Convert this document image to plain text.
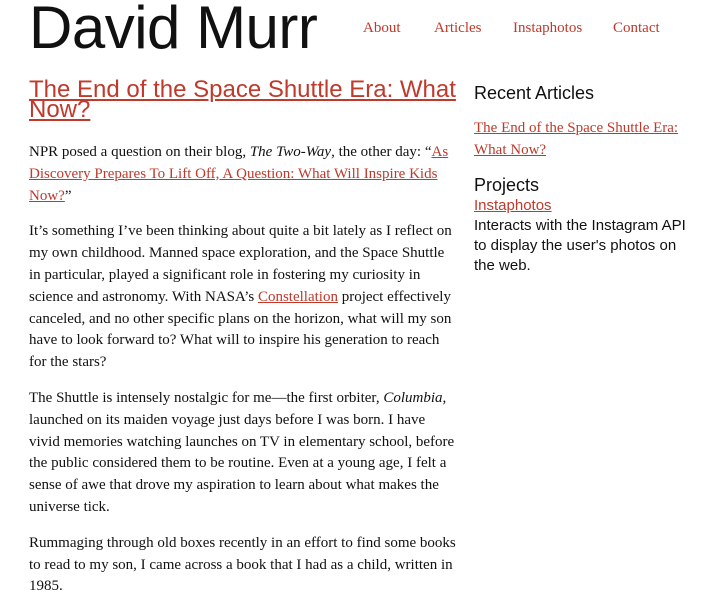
David Murr	About Articles Instaphotos Contact
The End of the Space Shuttle Era: What Now?

NPR posed a question on their blog, The Two-Way, the other day: “As Discovery Prepares To Lift Off, A Question: What Will Inspire Kids Now?”

It’s something I’ve been thinking about quite a bit lately as I reflect on my own childhood. Manned space exploration, and the Space Shuttle in particular, played a significant role in fostering my curiosity in science and astronomy. With NASA’s Constellation project effectively canceled, and no other specific plans on the horizon, what will my son have to look forward to? What will to inspire his generation to reach for the stars?

The Shuttle is intensely nostalgic for me—the first orbiter, Columbia, launched on its maiden voyage just days before I was born. I have vivid memories watching launches on TV in elementary school, before the public considered them to be routine. Even at a young age, I felt a sense of awe that drove my aspiration to learn about what makes the universe tick.

Rummaging through old boxes recently in an effort to find some books to read to my son, I came across a book that I had as a child, written in 1985.

Recent Articles
The End of the Space Shuttle Era: What Now?
Projects
Instaphotos

Interacts with the Instagram API to display the user's photos on the web.
